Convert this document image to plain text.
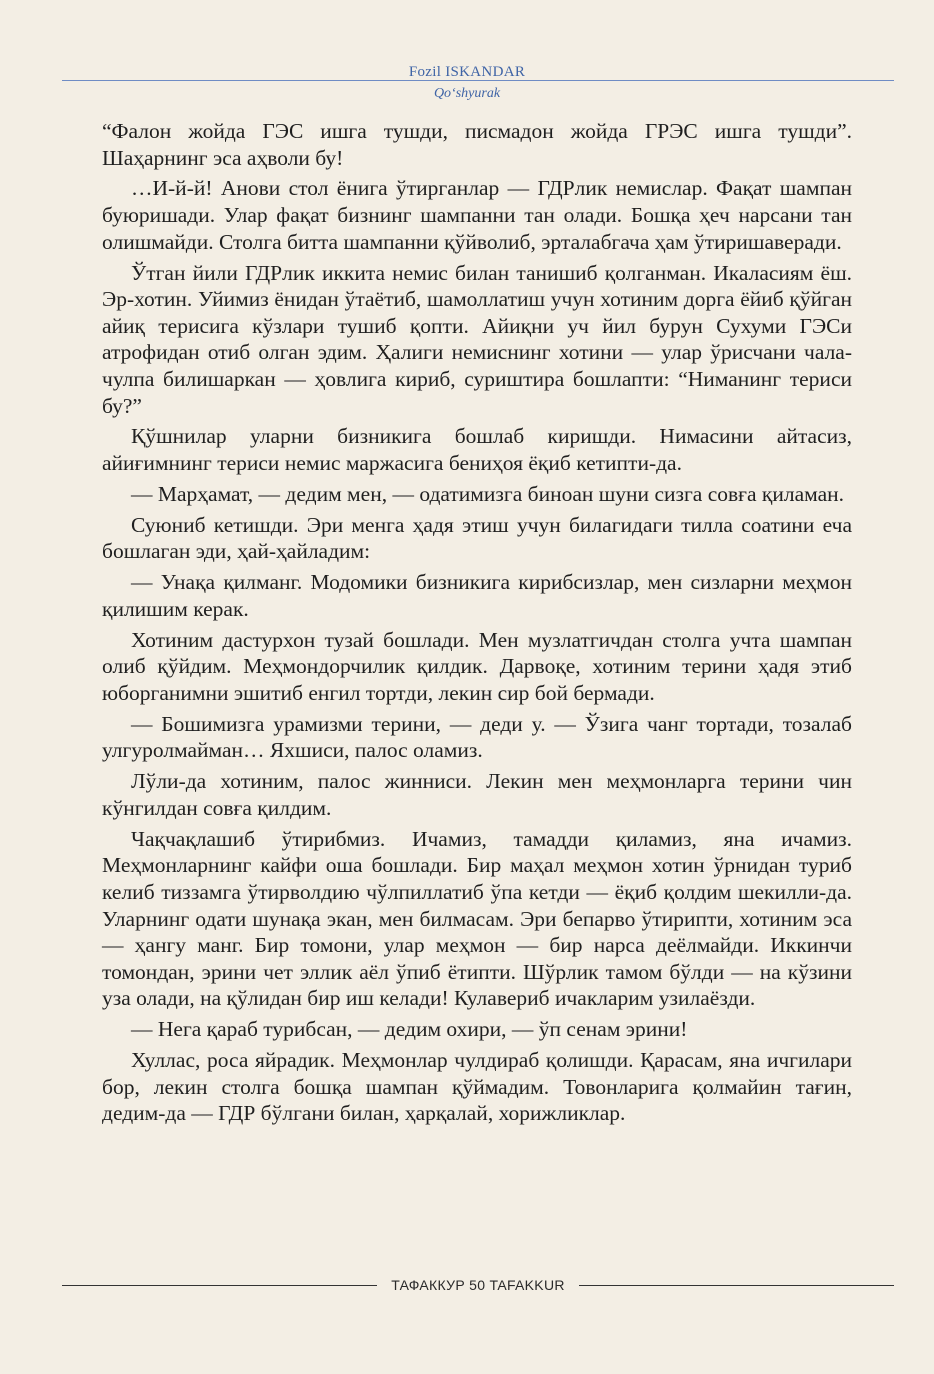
Fozil ISKANDAR
Qo‘shyurak

“Фалон жойда ГЭС ишга тушди, писмадон жойда ГРЭС ишга тушди”. Шаҳарнинг эса аҳволи бу!

…И-й-й! Анови стол ёнига ўтирганлар — ГДРлик немислар. Фақат шампан буюришади. Улар фақат бизнинг шампанни тан олади. Бошқа ҳеч нарсани тан олишмайди. Столга битта шампанни қўйволиб, эрталабгача ҳам ўтиришаверади.

Ўтган йили ГДРлик иккита немис билан танишиб қолганман. Икаласиям ёш. Эр-хотин. Уйимиз ёнидан ўтаётиб, шамоллатиш учун хотиним дорга ёйиб қўйган айиқ терисига кўзлари тушиб қопти. Айиқни уч йил бурун Сухуми ГЭСи атрофидан отиб олган эдим. Ҳалиги немиснинг хотини — улар ўрисчани чала-чулпа билишаркан — ҳовлига кириб, суриштира бошлапти: “Ниманинг териси бу?”

Қўшнилар уларни бизникига бошлаб киришди. Нимасини айтасиз, айиғимнинг териси немис маржасига бениҳоя ёқиб кетипти-да.

— Марҳамат, — дедим мен, — одатимизга биноан шуни сизга совға қиламан.

Суюниб кетишди. Эри менга ҳадя этиш учун билагидаги тилла соатини еча бошлаган эди, ҳай-ҳайладим:

— Унақа қилманг. Модомики бизникига кирибсизлар, мен сизларни меҳмон қилишим керак.

Хотиним дастурхон тузай бошлади. Мен музлатгичдан столга учта шампан олиб қўйдим. Меҳмондорчилик қилдик. Дарвоқе, хотиним терини ҳадя этиб юборганимни эшитиб енгил тортди, лекин сир бой бермади.

— Бошимизга урамизми терини, — деди у. — Ўзига чанг тортади, тозалаб улгуролмайман… Яхшиси, палос оламиз.

Лўли-да хотиним, палос жинниси. Лекин мен меҳмонларга терини чин кўнгилдан совға қилдим.

Чақчақлашиб ўтирибмиз. Ичамиз, тамадди қиламиз, яна ичамиз. Меҳмонларнинг кайфи оша бошлади. Бир маҳал меҳмон хотин ўрнидан туриб келиб тиззамга ўтирволдию чўлпиллатиб ўпа кетди — ёқиб қолдим шекилли-да. Уларнинг одати шунақа экан, мен билмасам. Эри бепарво ўтирипти, хотиним эса — ҳангу манг. Бир томони, улар меҳмон — бир нарса деёлмайди. Иккинчи томондан, эрини чет эллик аёл ўпиб ётипти. Шўрлик тамом бўлди — на кўзини уза олади, на қўлидан бир иш келади! Кулавериб ичакларим узилаёзди.

— Нега қараб турибсан, — дедим охири, — ўп сенам эрини!

Хуллас, роса яйрадик. Меҳмонлар чулдираб қолишди. Қарасам, яна ичгилари бор, лекин столга бошқа шампан қўймадим. Товонларига қолмайин тағин, дедим-да — ГДР бўлгани билан, ҳарқалай, хорижликлар.

ТАФАККУР 50 TAFAKKUR
